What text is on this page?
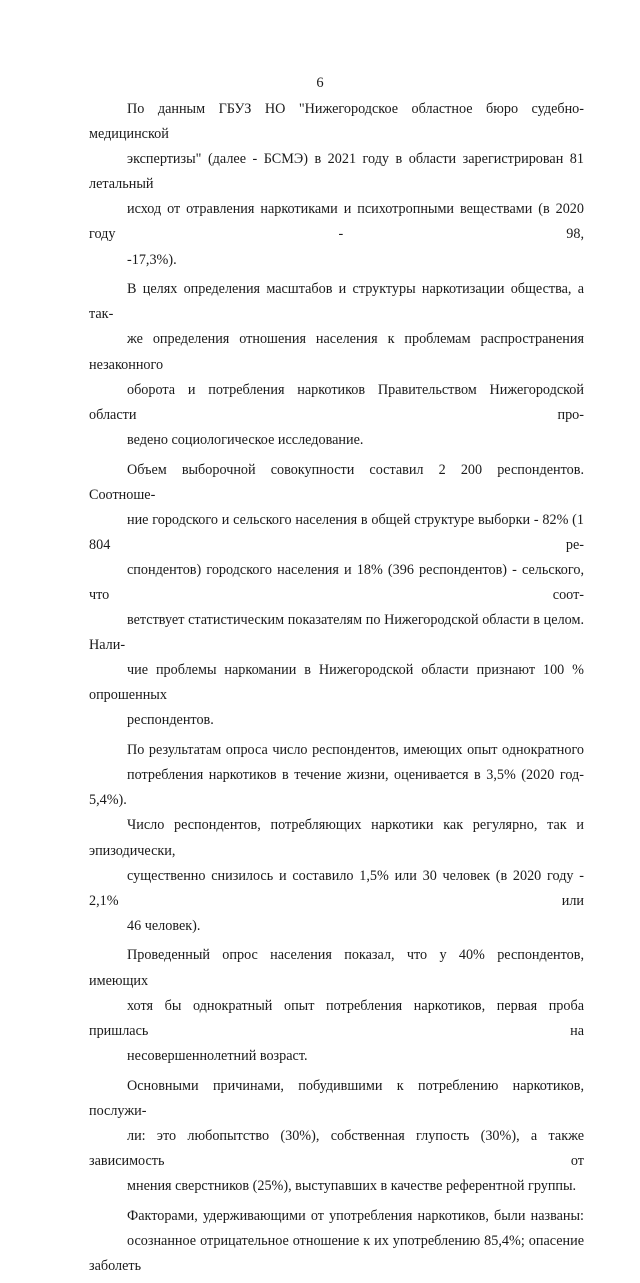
6

По данным ГБУЗ НО "Нижегородское областное бюро судебно-медицинской
экспертизы" (далее - БСМЭ) в 2021 году в области зарегистрирован 81 летальный
исход от отравления наркотиками и психотропными веществами (в 2020 году - 98,
-17,3%).

В целях определения масштабов и структуры наркотизации общества, а так-
же определения отношения населения к проблемам распространения незаконного
оборота и потребления наркотиков Правительством Нижегородской области про-
ведено социологическое исследование.

Объем выборочной совокупности составил 2 200 респондентов. Соотноше-
ние городского и сельского населения в общей структуре выборки - 82% (1 804 ре-
спондентов) городского населения и 18% (396 респондентов) - сельского, что соот-
ветствует статистическим показателям по Нижегородской области в целом. Нали-
чие проблемы наркомании в Нижегородской области признают 100 % опрошенных
респондентов.

По результатам опроса число респондентов, имеющих опыт однократного
потребления наркотиков в течение жизни, оценивается в 3,5% (2020 год- 5,4%).
Число респондентов, потребляющих наркотики как регулярно, так и эпизодически,
существенно снизилось и составило 1,5% или 30 человек (в 2020 году - 2,1% или
46 человек).

Проведенный опрос населения показал, что у 40% респондентов, имеющих
хотя бы однократный опыт потребления наркотиков, первая проба пришлась на
несовершеннолетний возраст.

Основными причинами, побудившими к потреблению наркотиков, послужи-
ли: это любопытство (30%), собственная глупость (30%), а также зависимость от
мнения сверстников (25%), выступавших в качестве референтной группы.

Факторами, удерживающими от употребления наркотиков, были названы:
осознанное отрицательное отношение к их употреблению 85,4%; опасение заболеть
